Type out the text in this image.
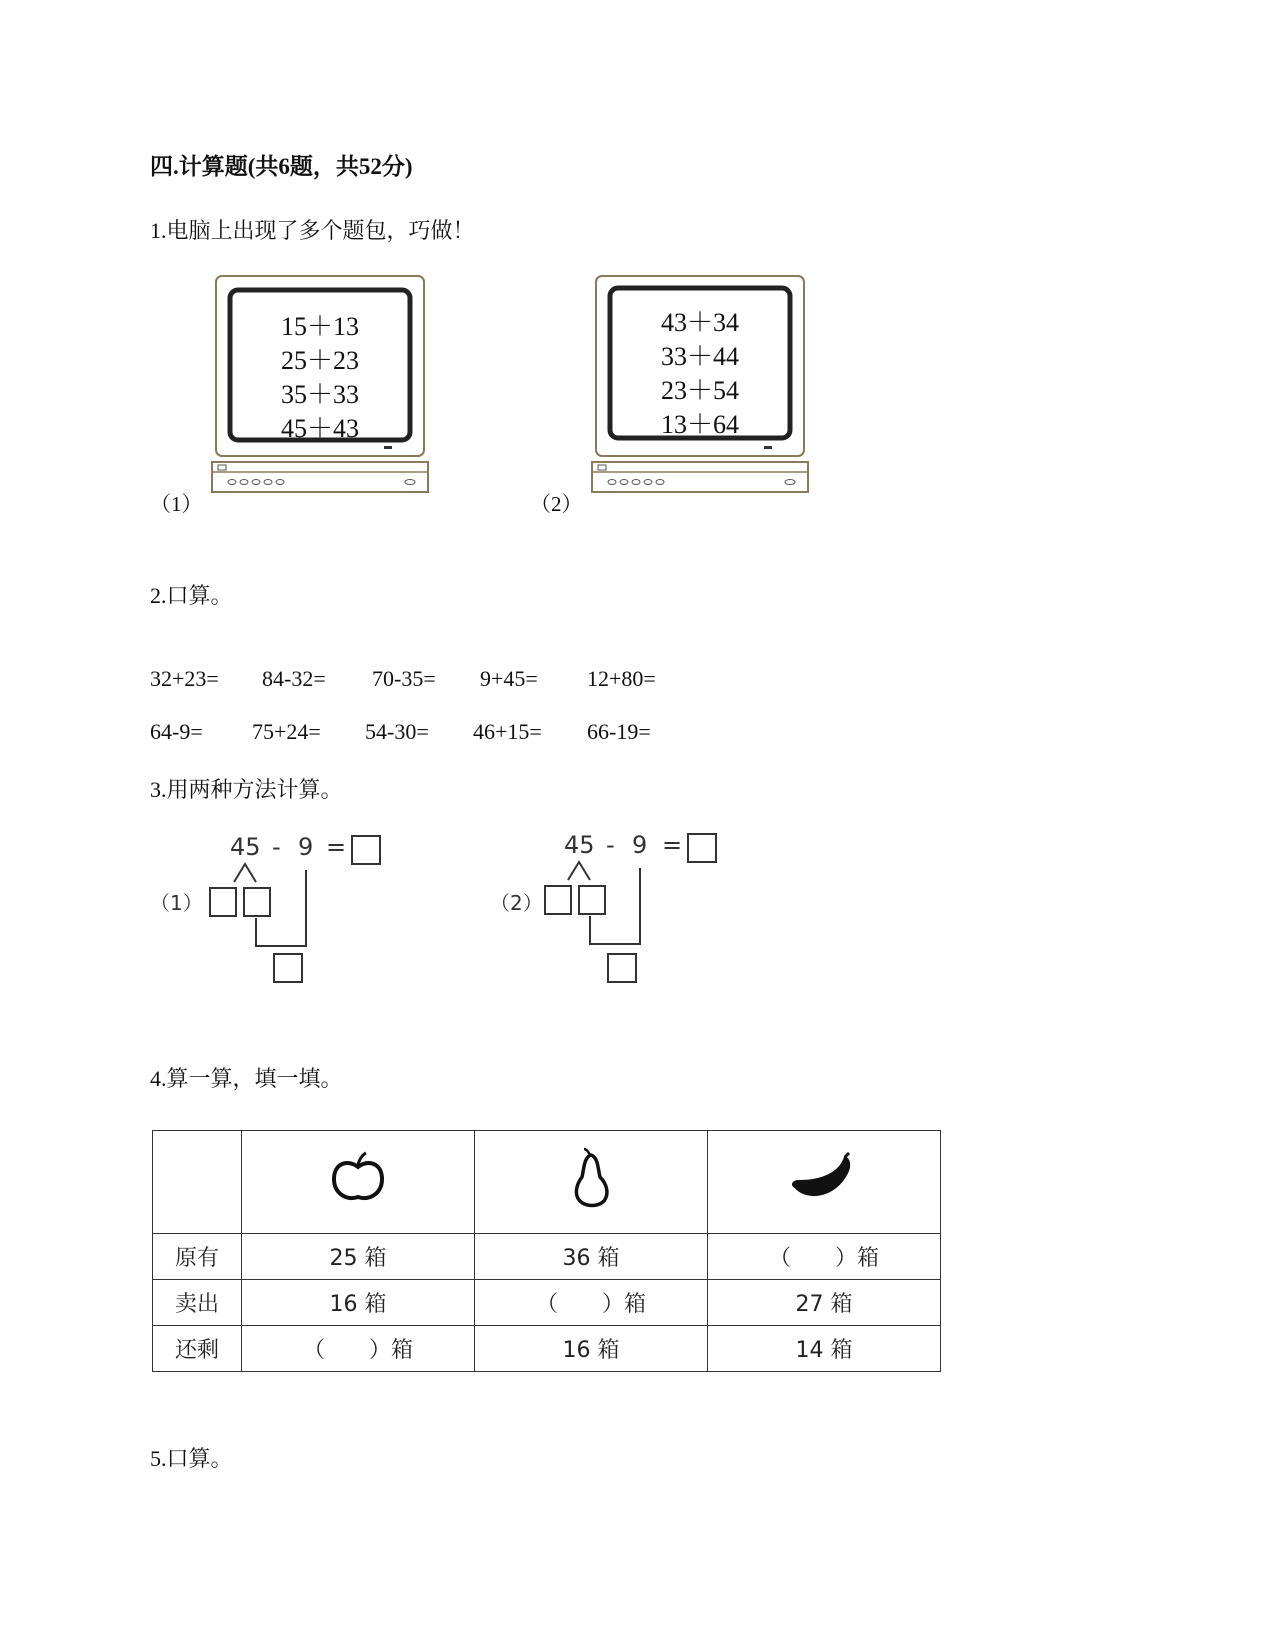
四.计算题(共6题，共52分)
1.电脑上出现了多个题包，巧做！
（1）
15＋13
25＋23
35＋33
45＋43
（2）
43＋34
33＋44
23＋54
13＋64
2.口算。
32+23= 84-32= 70-35= 9+45= 12+80=
64-9= 75+24= 54-30= 46+15= 66-19=
3.用两种方法计算。
（1）
45 - 9 =
（2）
45 - 9 =
4.算一算，填一填。

原有	25 箱	36 箱	（　　）箱
卖出	16 箱	（　　）箱	27 箱
还剩	（　　）箱	16 箱	14 箱
5.口算。
